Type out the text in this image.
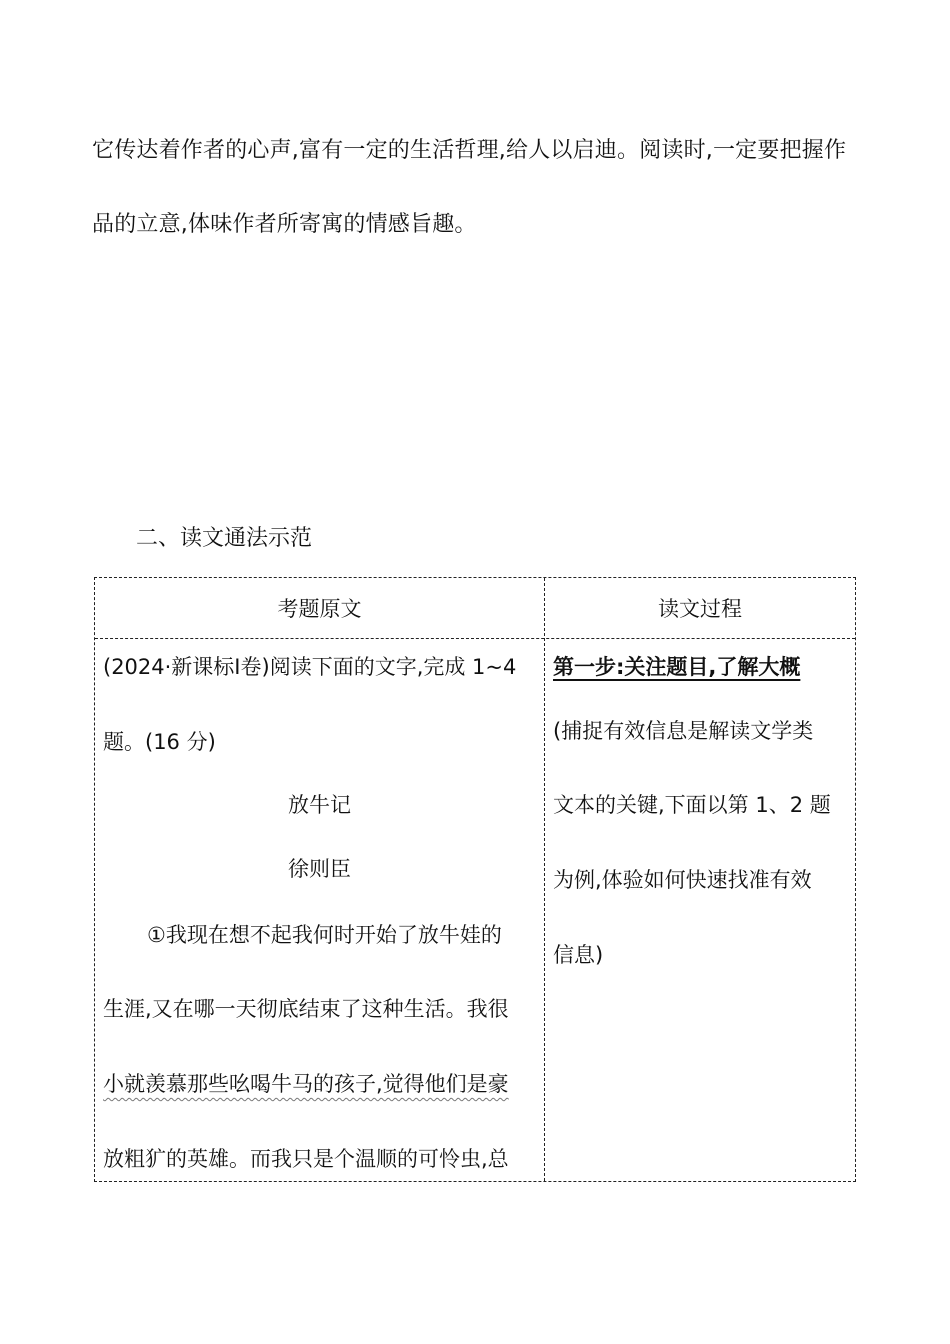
它传达着作者的心声,富有一定的生活哲理,给人以启迪。阅读时,一定要把握作
品的立意,体味作者所寄寓的情感旨趣。
二、读文通法示范
考题原文	读文过程
(2024·新课标Ⅰ卷)阅读下面的文字,完成 1~4
题。(16 分)
放牛记
徐则臣
①我现在想不起我何时开始了放牛娃的
生涯,又在哪一天彻底结束了这种生活。我很
小就羡慕那些吆喝牛马的孩子,觉得他们是豪
放粗犷的英雄。而我只是个温顺的可怜虫,总
第一步:关注题目,了解大概
(捕捉有效信息是解读文学类
文本的关键,下面以第 1、2 题
为例,体验如何快速找准有效
信息)
